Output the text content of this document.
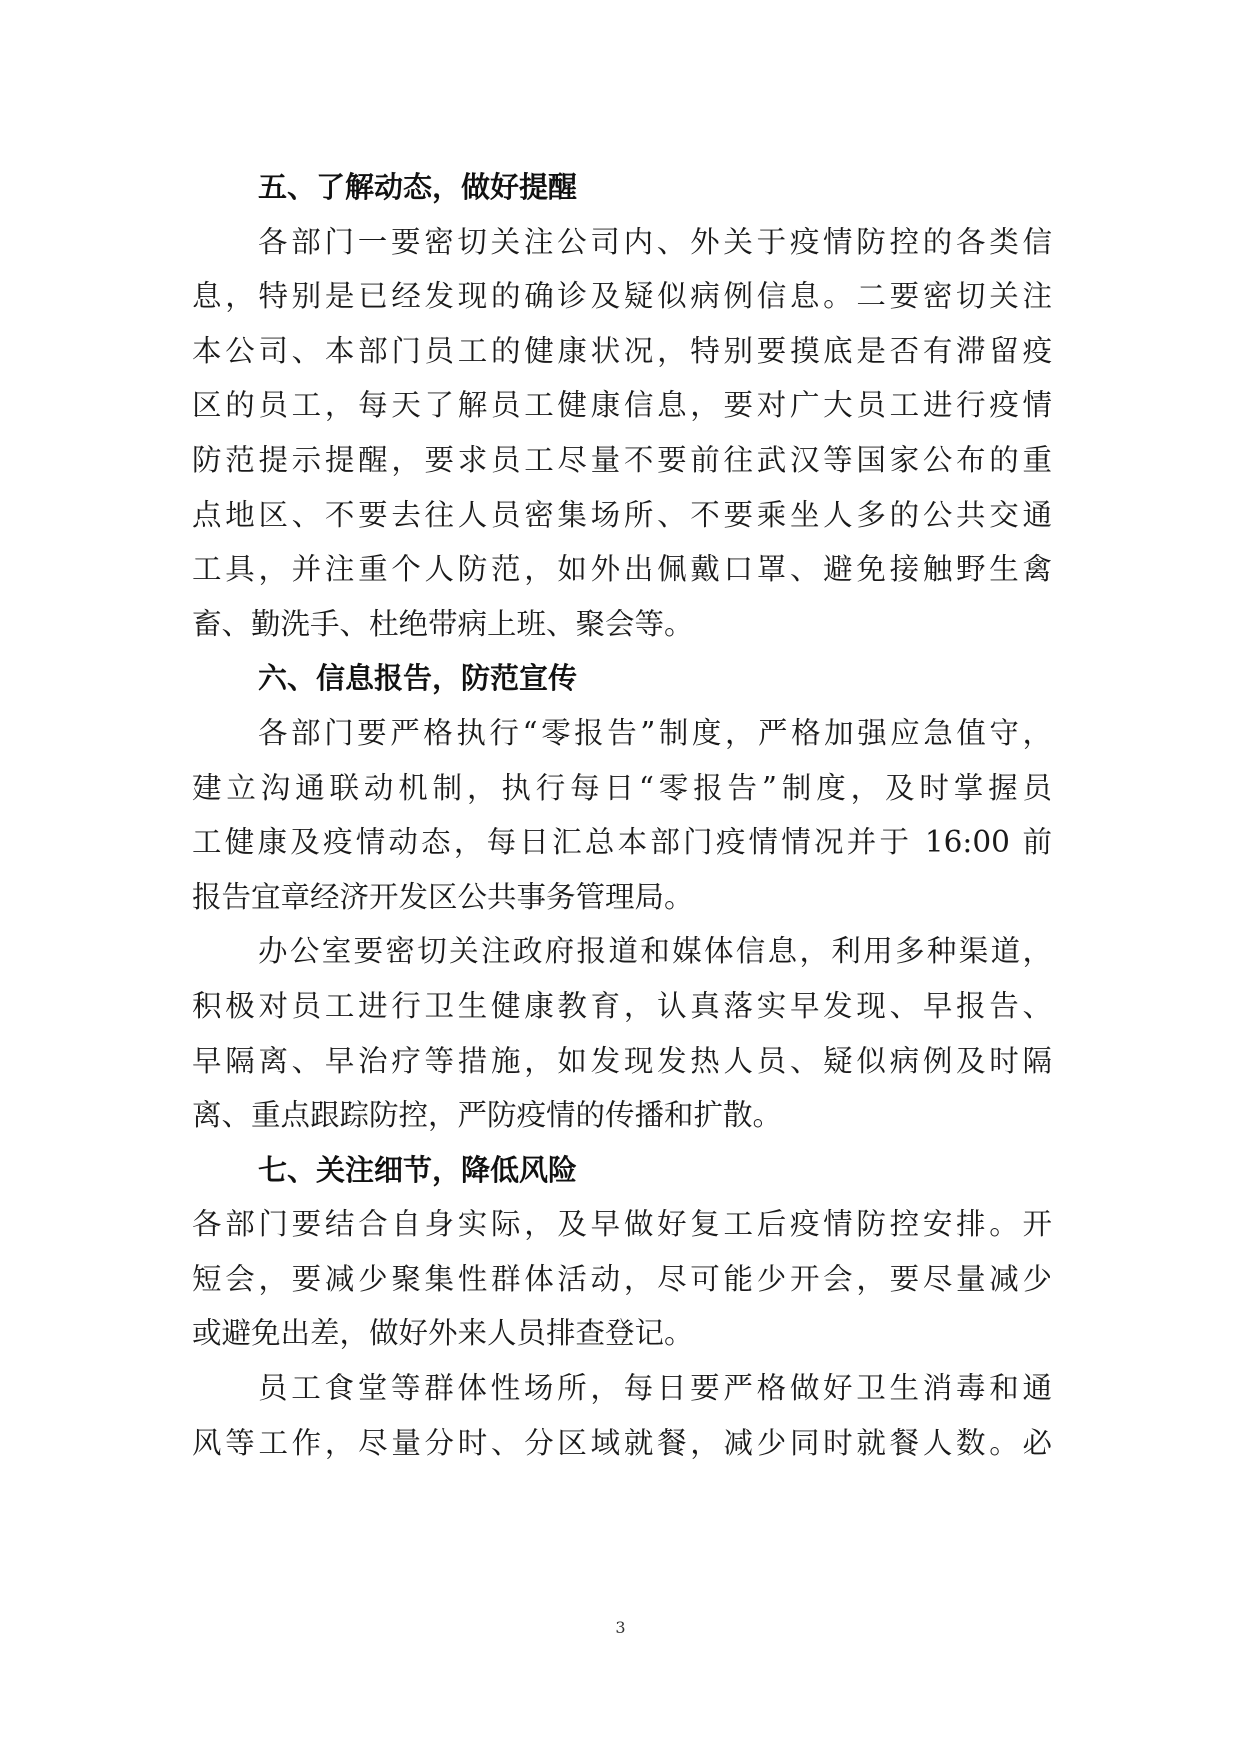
五、了解动态，做好提醒
各部门一要密切关注公司内、外关于疫情防控的各类信
息，特别是已经发现的确诊及疑似病例信息。二要密切关注
本公司、本部门员工的健康状况，特别要摸底是否有滞留疫
区的员工，每天了解员工健康信息，要对广大员工进行疫情
防范提示提醒，要求员工尽量不要前往武汉等国家公布的重
点地区、不要去往人员密集场所、不要乘坐人多的公共交通
工具，并注重个人防范，如外出佩戴口罩、避免接触野生禽
畜、勤洗手、杜绝带病上班、聚会等。
六、信息报告，防范宣传
各部门要严格执行“零报告”制度，严格加强应急值守，
建立沟通联动机制，执行每日“零报告”制度，及时掌握员
工健康及疫情动态，每日汇总本部门疫情情况并于 16:00 前
报告宜章经济开发区公共事务管理局。
办公室要密切关注政府报道和媒体信息，利用多种渠道，
积极对员工进行卫生健康教育，认真落实早发现、早报告、
早隔离、早治疗等措施，如发现发热人员、疑似病例及时隔
离、重点跟踪防控，严防疫情的传播和扩散。
七、关注细节，降低风险
各部门要结合自身实际，及早做好复工后疫情防控安排。开
短会，要减少聚集性群体活动，尽可能少开会，要尽量减少
或避免出差，做好外来人员排查登记。
员工食堂等群体性场所，每日要严格做好卫生消毒和通
风等工作，尽量分时、分区域就餐，减少同时就餐人数。必
3
